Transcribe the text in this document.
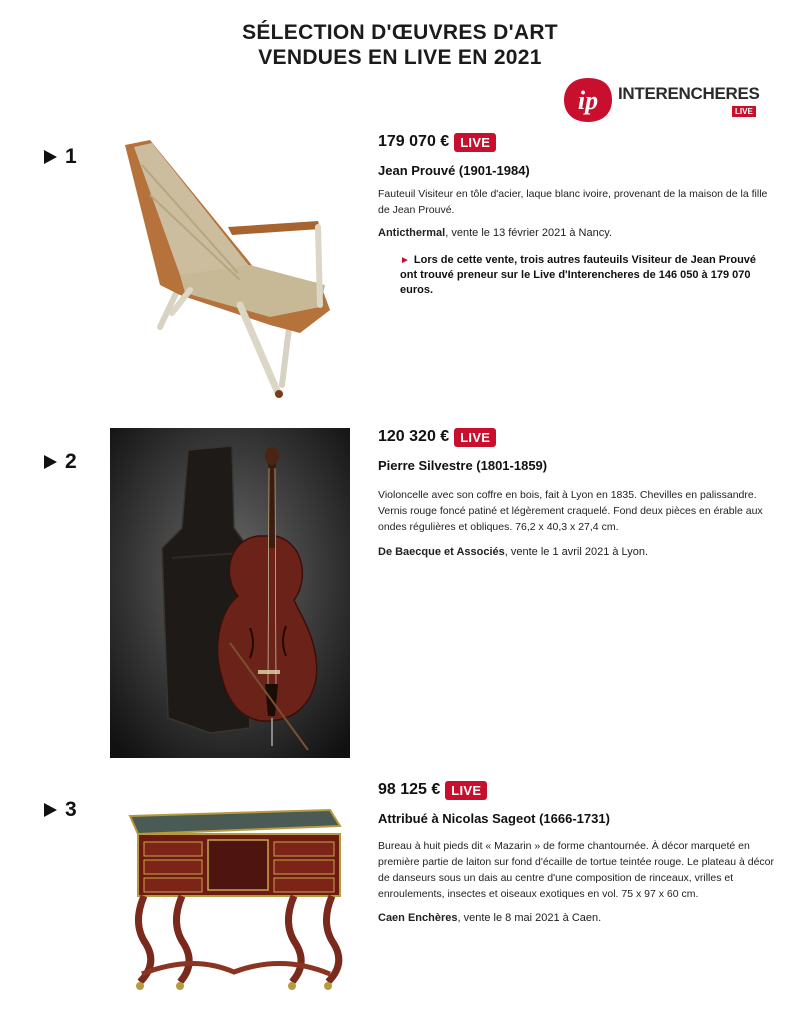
SÉLECTION D'ŒUVRES D'ART
VENDUES EN LIVE EN 2021
ip INTERENCHERES
LIVE
1
179 070 € LIVE
Jean Prouvé (1901-1984)
Fauteuil Visiteur en tôle d'acier, laque blanc ivoire, provenant de la maison de la fille de Jean Prouvé.
Anticthermal, vente le 13 février 2021 à Nancy.
► Lors de cette vente, trois autres fauteuils Visiteur de Jean Prouvé ont trouvé preneur sur le Live d'Interencheres de 146 050 à 179 070 euros.
2
120 320 € LIVE
Pierre Silvestre (1801-1859)
Violoncelle avec son coffre en bois, fait à Lyon en 1835. Chevilles en palissandre. Vernis rouge foncé patiné et légèrement craquelé. Fond deux pièces en érable aux ondes régulières et obliques. 76,2 x 40,3 x 27,4 cm.
De Baecque et Associés, vente le 1 avril 2021 à Lyon.
3
98 125 € LIVE
Attribué à Nicolas Sageot (1666-1731)
Bureau à huit pieds dit « Mazarin » de forme chantournée. À décor marqueté en première partie de laiton sur fond d'écaille de tortue teintée rouge. Le plateau à décor de danseurs sous un dais au centre d'une composition de rinceaux, vrilles et enroulements, insectes et oiseaux exotiques en vol. 75 x 97 x 60 cm.
Caen Enchères, vente le 8 mai 2021 à Caen.
